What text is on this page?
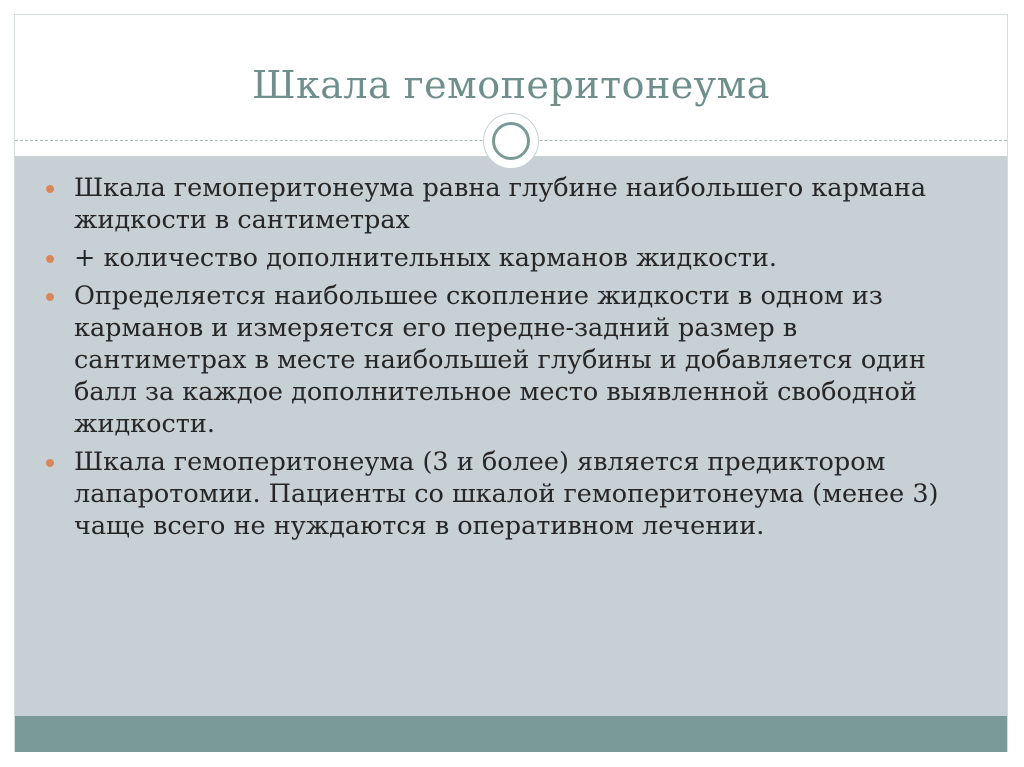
Шкала гемоперитонеума
Шкала гемоперитонеума равна глубине наибольшего кармана жидкости в сантиметрах
+ количество дополнительных карманов жидкости.
Определяется наибольшее скопление жидкости в одном из карманов и измеряется его передне-задний размер в сантиметрах в месте наибольшей глубины и добавляется один балл за каждое дополнительное место выявленной свободной жидкости.
Шкала гемоперитонеума (3 и более) является предиктором лапаротомии. Пациенты со шкалой гемоперитонеума (менее 3) чаще всего не нуждаются в оперативном лечении.
